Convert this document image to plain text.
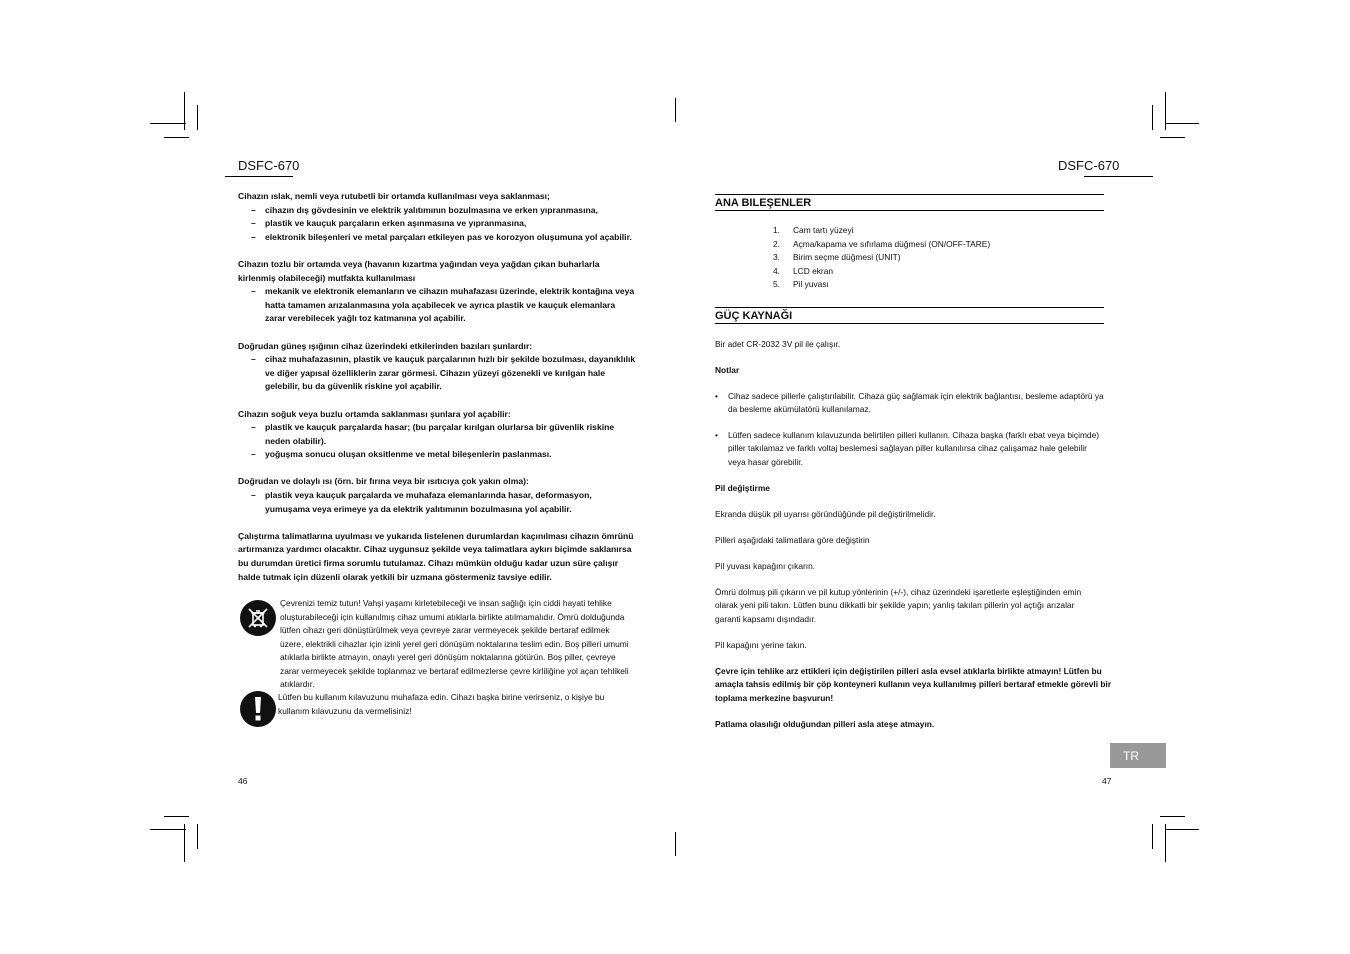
DSFC-670	DSFC-670

Cihazın ıslak, nemli veya rutubetli bir ortamda kullanılması veya saklanması;

– cihazın dış gövdesinin ve elektrik yalıtımının bozulmasına ve erken yıpranmasına,
– plastik ve kauçuk parçaların erken aşınmasına ve yıpranmasına,
– elektronik bileşenleri ve metal parçaları etkileyen pas ve korozyon oluşumuna yol açabilir.

Cihazın tozlu bir ortamda veya (havanın kızartma yağından veya yağdan çıkan buharlarla kirlenmiş olabileceği) mutfakta kullanılması

– mekanik ve elektronik elemanların ve cihazın muhafazası üzerinde, elektrik kontağına veya hatta tamamen arızalanmasına yola açabilecek ve ayrıca plastik ve kauçuk elemanlara zarar verebilecek yağlı toz katmanına yol açabilir.

Doğrudan güneş ışığının cihaz üzerindeki etkilerinden bazıları şunlardır:

– cihaz muhafazasının, plastik ve kauçuk parçalarının hızlı bir şekilde bozulması, dayanıklılık ve diğer yapısal özelliklerin zarar görmesi. Cihazın yüzeyi gözenekli ve kırılgan hale gelebilir, bu da güvenlik riskine yol açabilir.

Cihazın soğuk veya buzlu ortamda saklanması şunlara yol açabilir:

– plastik ve kauçuk parçalarda hasar; (bu parçalar kırılgan olurlarsa bir güvenlik riskine neden olabilir).
– yoğuşma sonucu oluşan oksitlenme ve metal bileşenlerin paslanması.

Doğrudan ve dolaylı ısı (örn. bir fırına veya bir ısıtıcıya çok yakın olma):

– plastik veya kauçuk parçalarda ve muhafaza elemanlarında hasar, deformasyon, yumuşama veya erimeye ya da elektrik yalıtımının bozulmasına yol açabilir.

Çalıştırma talimatlarına uyulması ve yukarıda listelenen durumlardan kaçınılması cihazın ömrünü artırmanıza yardımcı olacaktır. Cihaz uygunsuz şekilde veya talimatlara aykırı biçimde saklanırsa bu durumdan üretici firma sorumlu tutulamaz. Cihazı mümkün olduğu kadar uzun süre çalışır halde tutmak için düzenli olarak yetkili bir uzmana göstermeniz tavsiye edilir.

Çevrenizi temiz tutun! Vahşi yaşamı kirletebileceği ve insan sağlığı için ciddi hayati tehlike oluşturabileceği için kullanılmış cihaz umumi atıklarla birlikte atılmamalıdır. Ömrü dolduğunda lütfen cihazı geri dönüştürülmek veya çevreye zarar vermeyecek şekilde bertaraf edilmek üzere, elektrikli cihazlar için izinli yerel geri dönüşüm noktalarına teslim edin. Boş pilleri umumi atıklarla birlikte atmayın, onaylı yerel geri dönüşüm noktalarına götürün. Boş piller, çevreye zarar vermeyecek şekilde toplanmaz ve bertaraf edilmezlerse çevre kirliliğine yol açan tehlikeli atıklardır.
Lütfen bu kullanım kılavuzunu muhafaza edin. Cihazı başka birine verirseniz, o kişiye bu kullanım kılavuzunu da vermelisiniz!
46
ANA BILEŞENLER
1.	Cam tartı yüzeyi
2.	Açma/kapama ve sıfırlama düğmesi (ON/OFF-TARE)
3.	Birim seçme düğmesi (UNIT)
4.	LCD ekran
5.	Pil yuvası
GÜÇ KAYNAĞI

Bir adet CR-2032 3V pil ile çalışır.

Notlar

• Cihaz sadece pillerle çalıştırılabilir. Cihaza güç sağlamak için elektrik bağlantısı, besleme adaptörü ya da besleme akümülatörü kullanılamaz.
• Lütfen sadece kullanım kılavuzunda belirtilen pilleri kullanın. Cihaza başka (farklı ebat veya biçimde) piller takılamaz ve farklı voltaj beslemesi sağlayan piller kullanılırsa cihaz çalışamaz hale gelebilir veya hasar görebilir.

Pil değiştirme

Ekranda düşük pil uyarısı göründüğünde pil değiştirilmelidir.

Pilleri aşağıdaki talimatlara göre değiştirin

Pil yuvası kapağını çıkarın.

Ömrü dolmuş pili çıkarın ve pil kutup yönlerinin (+/-), cihaz üzerindeki işaretlerle eşleştiğinden emin olarak yeni pili takın. Lütfen bunu dikkatli bir şekilde yapın; yanlış takılan pillerin yol açtığı arızalar garanti kapsamı dışındadır.

Pil kapağını yerine takın.

Çevre için tehlike arz ettikleri için değiştirilen pilleri asla evsel atıklarla birlikte atmayın! Lütfen bu amaçla tahsis edilmiş bir çöp konteyneri kullanın veya kullanılmış pilleri bertaraf etmekle görevli bir toplama merkezine başvurun!

Patlama olasılığı olduğundan pilleri asla ateşe atmayın.

TR
47
